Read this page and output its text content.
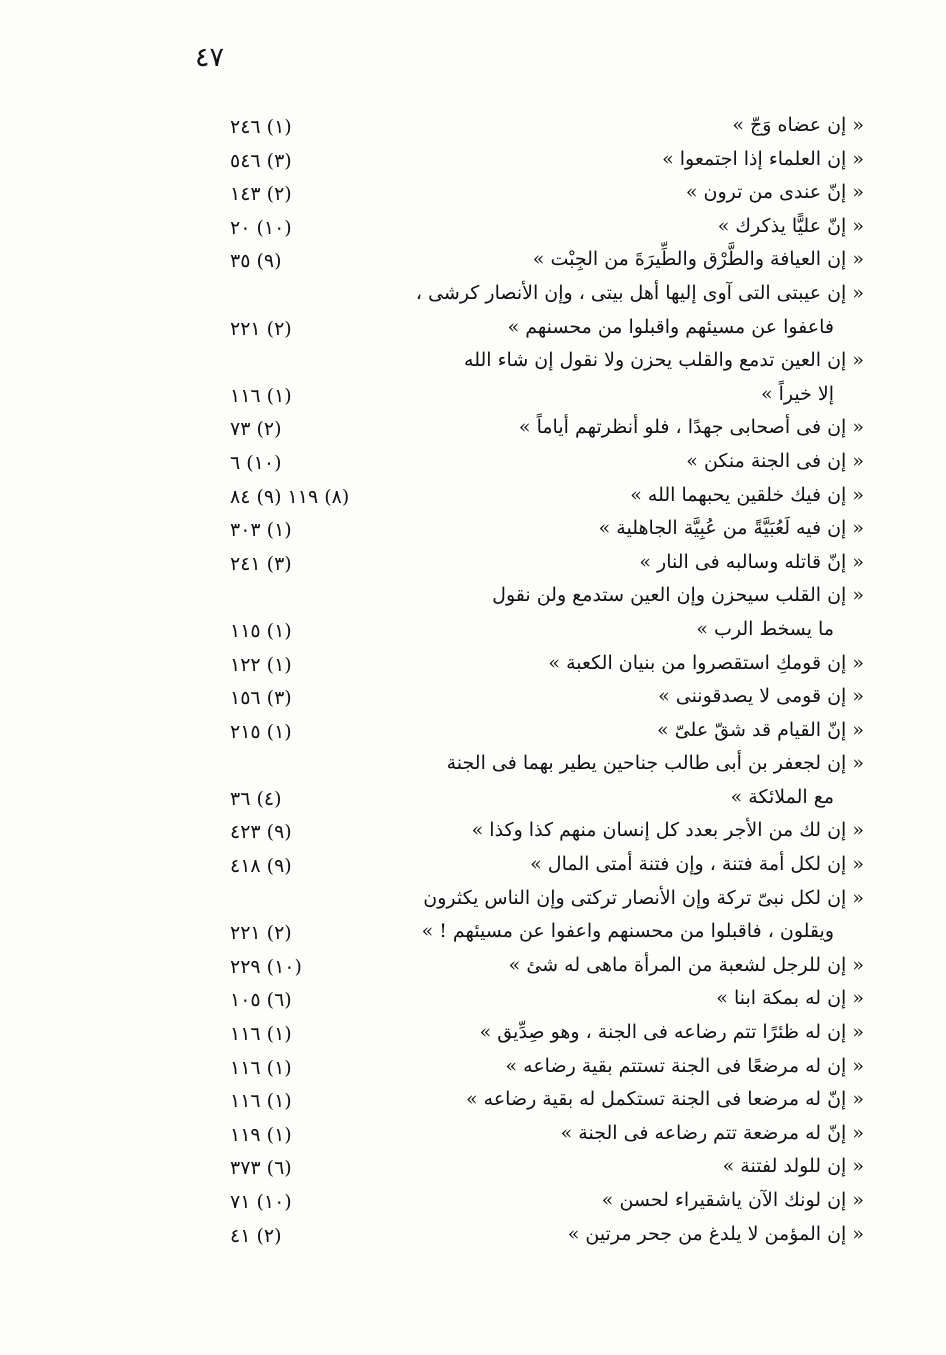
٤٧
« إن عضاه وَجّ »
(١) ٢٤٦
« إن العلماء إذا اجتمعوا »
(٣) ٥٤٦
« إنّ عندى من ترون »
(٢) ١٤٣
« إنّ عليًّا يذكرك »
(١٠) ٢٠
« إن العيافة والطَّرْق والطِّيرَةَ من الجِبْت »
(٩) ٣٥
« إن عيبتى التى آوى إليها أهل بيتى ، وإن الأنصار كرشى ،
فاعفوا عن مسيئهم واقبلوا من محسنهم »
(٢) ٢٢١
« إن العين تدمع والقلب يحزن ولا نقول إن شاء الله
إلا خيراً »
(١) ١١٦
« إن فى أصحابى جهدًا ، فلو أنظرتهم أياماً »
(٢) ٧٣
« إن فى الجنة منكن »
(١٠) ٦
« إن فيك خلقين يحبهما الله »
(٨) ١١٩ (٩) ٨٤
« إن فيه لَعُبَيَّةً من عُبِيَّة الجاهلية »
(١) ٣٠٣
« إنّ قاتله وسالبه فى النار »
(٣) ٢٤١
« إن القلب سيحزن وإن العين ستدمع ولن نقول
ما يسخط الرب »
(١) ١١٥
« إن قومكِ استقصروا من بنيان الكعبة »
(١) ١٢٢
« إن قومى لا يصدقوننى »
(٣) ١٥٦
« إنّ القيام قد شقّ علىّ »
(١) ٢١٥
« إن لجعفر بن أبى طالب جناحين يطير بهما فى الجنة
مع الملائكة »
(٤) ٣٦
« إن لك من الأجر بعدد كل إنسان منهم كذا وكذا »
(٩) ٤٢٣
« إن لكل أمة فتنة ، وإن فتنة أمتى المال »
(٩) ٤١٨
« إن لكل نبىّ تركة وإن الأنصار تركتى وإن الناس يكثرون
ويقلون ، فاقبلوا من محسنهم واعفوا عن مسيئهم ! »
(٢) ٢٢١
« إن للرجل لشعبة من المرأة ماهى له شئ »
(١٠) ٢٢٩
« إن له بمكة ابنا »
(٦) ١٠٥
« إن له ظئرًا تتم رضاعه فى الجنة ، وهو صِدِّيق »
(١) ١١٦
« إن له مرضعًا فى الجنة تستتم بقية رضاعه »
(١) ١١٦
« إنّ له مرضعا فى الجنة تستكمل له بقية رضاعه »
(١) ١١٦
« إنّ له مرضعة تتم رضاعه فى الجنة »
(١) ١١٩
« إن للولد لفتنة »
(٦) ٣٧٣
« إن لونك الآن ياشقيراء لحسن »
(١٠) ٧١
« إن المؤمن لا يلدغ من جحر مرتين »
(٢) ٤١
